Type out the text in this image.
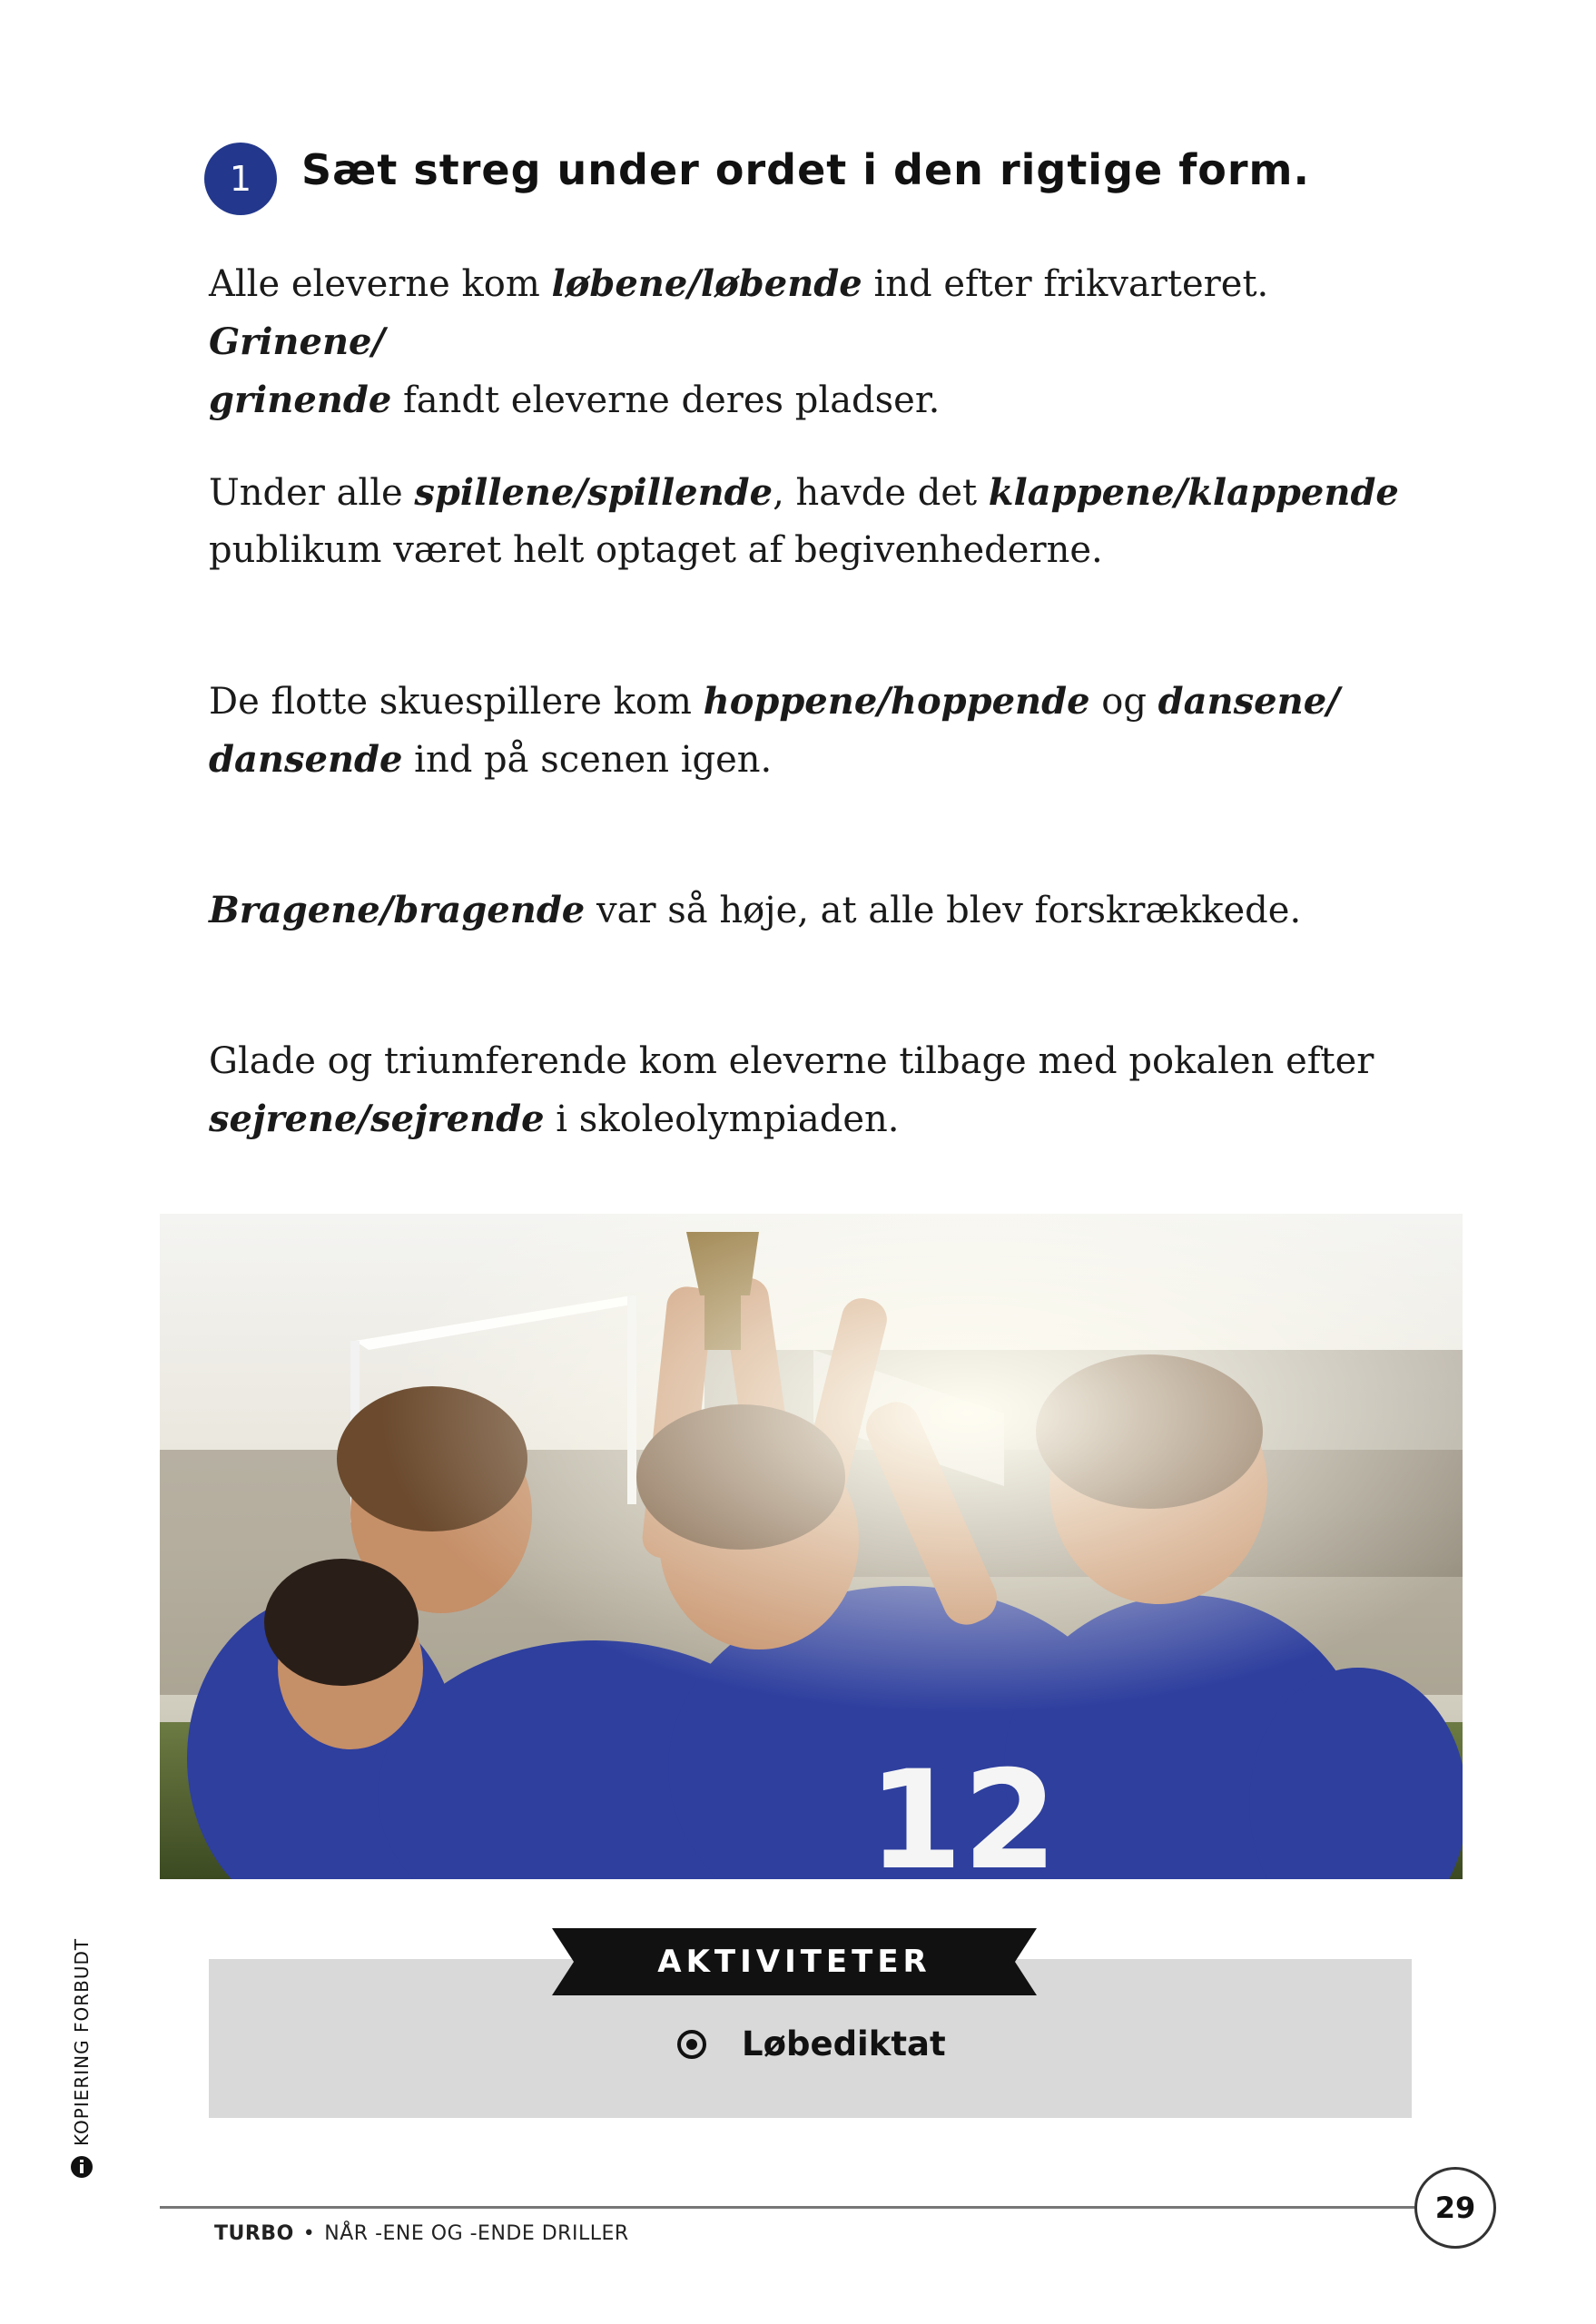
1	Sæt streg under ordet i den rigtige form.

Alle eleverne kom løbene/løbende ind efter frikvarteret. Grinene/
grinende fandt eleverne deres pladser.

Under alle spillene/spillende, havde det klappene/klappende
publikum været helt optaget af begivenhederne.

De flotte skuespillere kom hoppene/hoppende og dansene/
dansende ind på scenen igen.

Bragene/bragende var så høje, at alle blev forskrækkede.

Glade og triumferende kom eleverne tilbage med pokalen efter
sejrene/sejrende i skoleolympiaden.

12
AKTIVITETER
Løbediktat
KOPIERING FORBUDT
29
TURBO • NÅR -ENE OG -ENDE DRILLER
